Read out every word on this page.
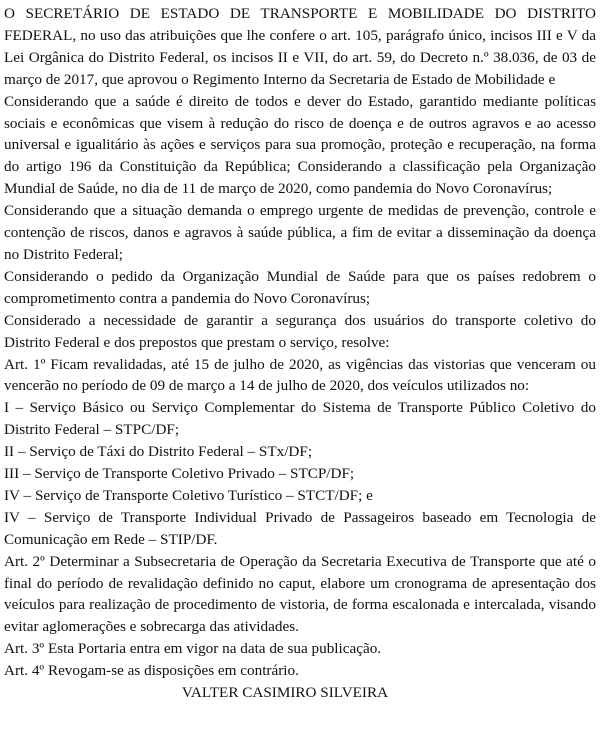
O SECRETÁRIO DE ESTADO DE TRANSPORTE E MOBILIDADE DO DISTRITO FEDERAL, no uso das atribuições que lhe confere o art. 105, parágrafo único, incisos III e V da Lei Orgânica do Distrito Federal, os incisos II e VII, do art. 59, do Decreto n.º 38.036, de 03 de março de 2017, que aprovou o Regimento Interno da Secretaria de Estado de Mobilidade e

Considerando que a saúde é direito de todos e dever do Estado, garantido mediante políticas sociais e econômicas que visem à redução do risco de doença e de outros agravos e ao acesso universal e igualitário às ações e serviços para sua promoção, proteção e recuperação, na forma do artigo 196 da Constituição da República; Considerando a classificação pela Organização Mundial de Saúde, no dia de 11 de março de 2020, como pandemia do Novo Coronavírus;

Considerando que a situação demanda o emprego urgente de medidas de prevenção, controle e contenção de riscos, danos e agravos à saúde pública, a fim de evitar a disseminação da doença no Distrito Federal;

Considerando o pedido da Organização Mundial de Saúde para que os países redobrem o comprometimento contra a pandemia do Novo Coronavírus;

Considerado a necessidade de garantir a segurança dos usuários do transporte coletivo do Distrito Federal e dos prepostos que prestam o serviço, resolve:

Art. 1º Ficam revalidadas, até 15 de julho de 2020, as vigências das vistorias que venceram ou vencerão no período de 09 de março a 14 de julho de 2020, dos veículos utilizados no:

I – Serviço Básico ou Serviço Complementar do Sistema de Transporte Público Coletivo do Distrito Federal – STPC/DF;

II – Serviço de Táxi do Distrito Federal – STx/DF;

III – Serviço de Transporte Coletivo Privado – STCP/DF;

IV – Serviço de Transporte Coletivo Turístico – STCT/DF; e

IV – Serviço de Transporte Individual Privado de Passageiros baseado em Tecnologia de Comunicação em Rede – STIP/DF.

Art. 2º Determinar a Subsecretaria de Operação da Secretaria Executiva de Transporte que até o final do período de revalidação definido no caput, elabore um cronograma de apresentação dos veículos para realização de procedimento de vistoria, de forma escalonada e intercalada, visando evitar aglomerações e sobrecarga das atividades.

Art. 3º Esta Portaria entra em vigor na data de sua publicação.

Art. 4º Revogam-se as disposições em contrário.

VALTER CASIMIRO SILVEIRA
